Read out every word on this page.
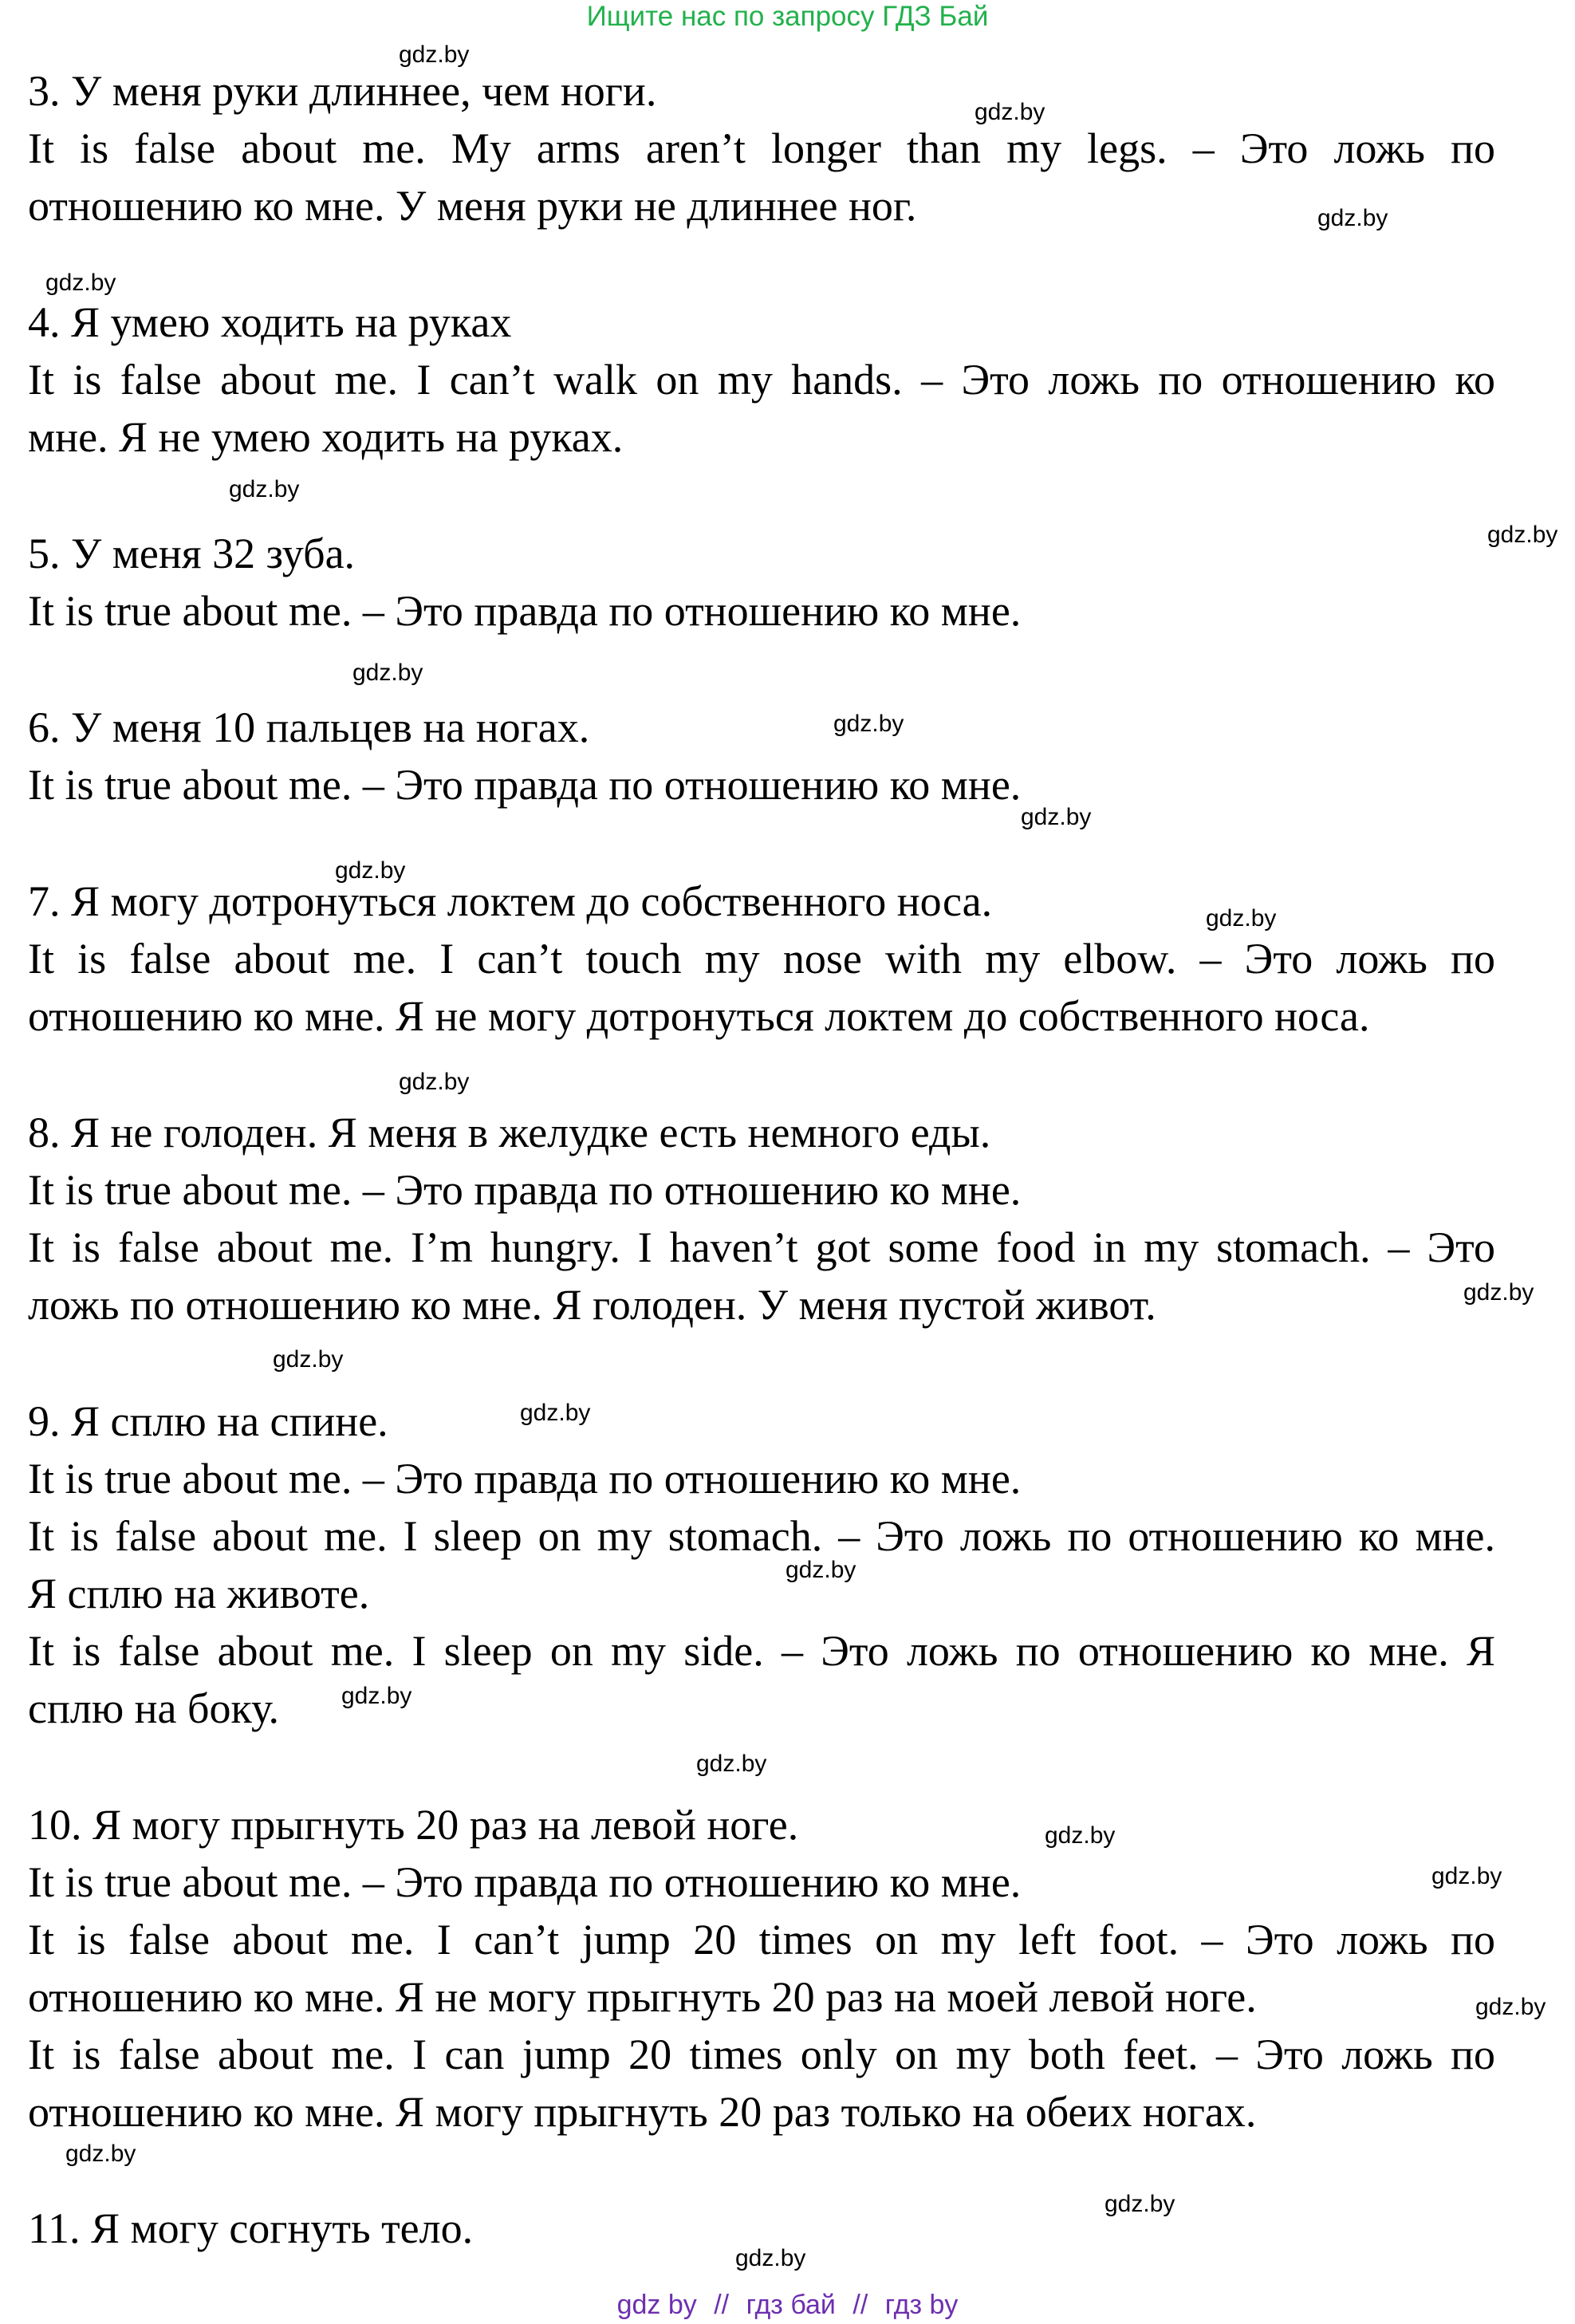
Ищите нас по запросу ГДЗ Бай
3. У меня руки длиннее, чем ноги.
It is false about me. My arms aren’t longer than my legs. – Это ложь по
отношению ко мне. У меня руки не длиннее ног.
4. Я умею ходить на руках
It is false about me. I can’t walk on my hands. – Это ложь по отношению ко
мне. Я не умею ходить на руках.
5. У меня 32 зуба.
It is true about me. – Это правда по отношению ко мне.
6. У меня 10 пальцев на ногах.
It is true about me. – Это правда по отношению ко мне.
7. Я могу дотронуться локтем до собственного носа.
It is false about me. I can’t touch my nose with my elbow. – Это ложь по
отношению ко мне. Я не могу дотронуться локтем до собственного носа.
8. Я не голоден. Я меня в желудке есть немного еды.
It is true about me. – Это правда по отношению ко мне.
It is false about me. I’m hungry. I haven’t got some food in my stomach. – Это
ложь по отношению ко мне. Я голоден. У меня пустой живот.
9. Я сплю на спине.
It is true about me. – Это правда по отношению ко мне.
It is false about me. I sleep on my stomach. – Это ложь по отношению ко мне.
Я сплю на животе.
It is false about me. I sleep on my side. – Это ложь по отношению ко мне. Я
сплю на боку.
10. Я могу прыгнуть 20 раз на левой ноге.
It is true about me. – Это правда по отношению ко мне.
It is false about me. I can’t jump 20 times on my left foot. – Это ложь по
отношению ко мне. Я не могу прыгнуть 20 раз на моей левой ноге.
It is false about me. I can jump 20 times only on my both feet. – Это ложь по
отношению ко мне. Я могу прыгнуть 20 раз только на обеих ногах.
11. Я могу согнуть тело.
gdz.by
gdz.by
gdz.by
gdz.by
gdz.by
gdz.by
gdz.by
gdz.by
gdz.by
gdz.by
gdz.by
gdz.by
gdz.by
gdz.by
gdz.by
gdz.by
gdz.by
gdz.by
gdz.by
gdz.by
gdz.by
gdz.by
gdz.by
gdz.by
gdz by // гдз бай // гдз by
